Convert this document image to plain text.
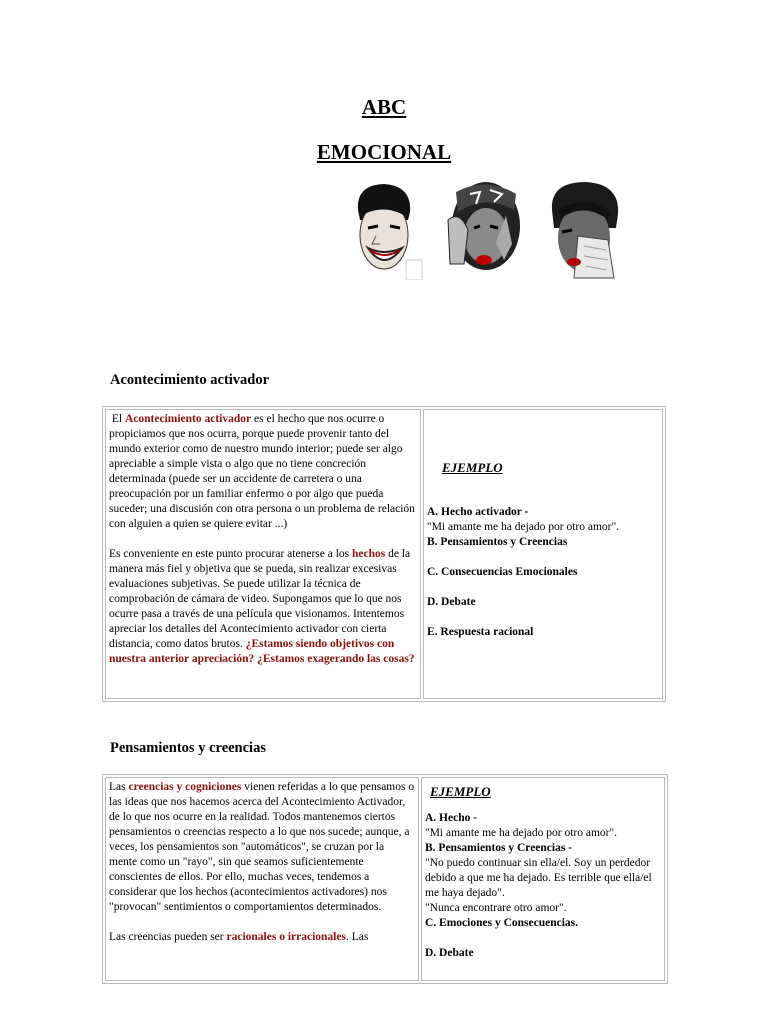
ABC
EMOCIONAL
Acontecimiento activador

El Acontecimiento activador es el hecho que nos ocurre o propiciamos que nos ocurra, porque puede provenir tanto del mundo exterior como de nuestro mundo interior; puede ser algo apreciable a simple vista o algo que no tiene concreción determinada (puede ser un accidente de carretera o una preocupación por un familiar enfermo o por algo que pueda suceder; una discusión con otra persona o un problema de relación con alguien a quien se quiere evitar ...)

Es conveniente en este punto procurar atenerse a los hechos de la manera más fiel y objetiva que se pueda, sin realizar excesivas evaluaciones subjetivas. Se puede utilizar la técnica de comprobación de cámara de video. Supongamos que lo que nos ocurre pasa a través de una película que visionamos. Intentemos apreciar los detalles del Acontecimiento activador con cierta distancia, como datos brutos. ¿Estamos siendo objetivos con nuestra anterior apreciación? ¿Estamos exagerando las cosas?

EJEMPLO

A. Hecho activador -

"Mi amante me ha dejado por otro amor".

B. Pensamientos y Creencias

C. Consecuencias Emocionales

D. Debate

E. Respuesta racional

Pensamientos y creencias

Las creencias y cogniciones vienen referidas a lo que pensamos o las ideas que nos hacemos acerca del Acontecimiento Activador, de lo que nos ocurre en la realidad. Todos mantenemos ciertos pensamientos o creencias respecto a lo que nos sucede; aunque, a veces, los pensamientos son "automáticos", se cruzan por la mente como un "rayo", sin que seamos suficientemente conscientes de ellos. Por ello, muchas veces, tendemos a considerar que los hechos (acontecimientos activadores) nos "provocan" sentimientos o comportamientos determinados.

Las creencias pueden ser racionales o irracionales. Las

EJEMPLO

A. Hecho -

"Mi amante me ha dejado por otro amor".

B. Pensamientos y Creencias -

"No puedo continuar sin ella/el. Soy un perdedor debido a que me ha dejado. Es terrible que ella/el me haya dejado".

"Nunca encontrare otro amor".

C. Emociones y Consecuencias.

D. Debate
